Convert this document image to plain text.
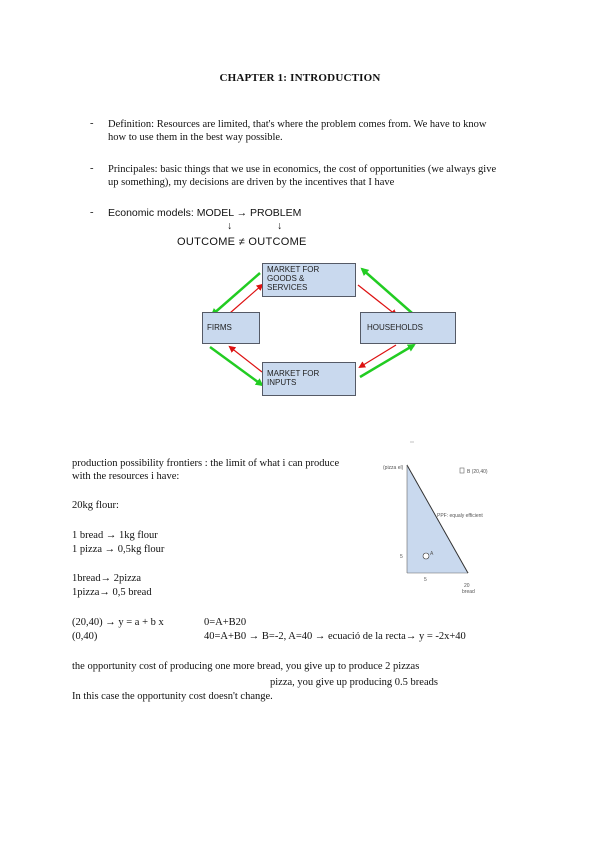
CHAPTER 1: INTRODUCTION
- Definition: Resources are limited, that's where the problem comes from. We have to know
how to use them in the best way possible.
- Principales: basic things that we use in economics, the cost of opportunities (we always give
up something), my decisions are driven by the incentives that I have
- Economic models: MODEL → PROBLEM
↓	↓
OUTCOME ≠ OUTCOME
MARKET FOR
GOODS &
SERVICES
FIRMS	HOUSEHOLDS
MARKET FOR
INPUTS
production possibility frontiers : the limit of what i can produce
with the resources i have:
20kg flour:
1 bread → 1kg flour
1 pizza → 0,5kg flour
1bread→ 2pizza
1pizza→ 0,5 bread
(pizza el)
B (20,40)
PPF: equaly efficient
5	A
5
20
bread
(20,40) → y = a + b x	0=A+B20
(0,40)	40=A+B0 → B=-2, A=40 → ecuació de la recta→ y = -2x+40
the opportunity cost of producing one more bread, you give up to produce 2 pizzas
pizza, you give up producing 0.5 breads
In this case the opportunity cost doesn't change.
